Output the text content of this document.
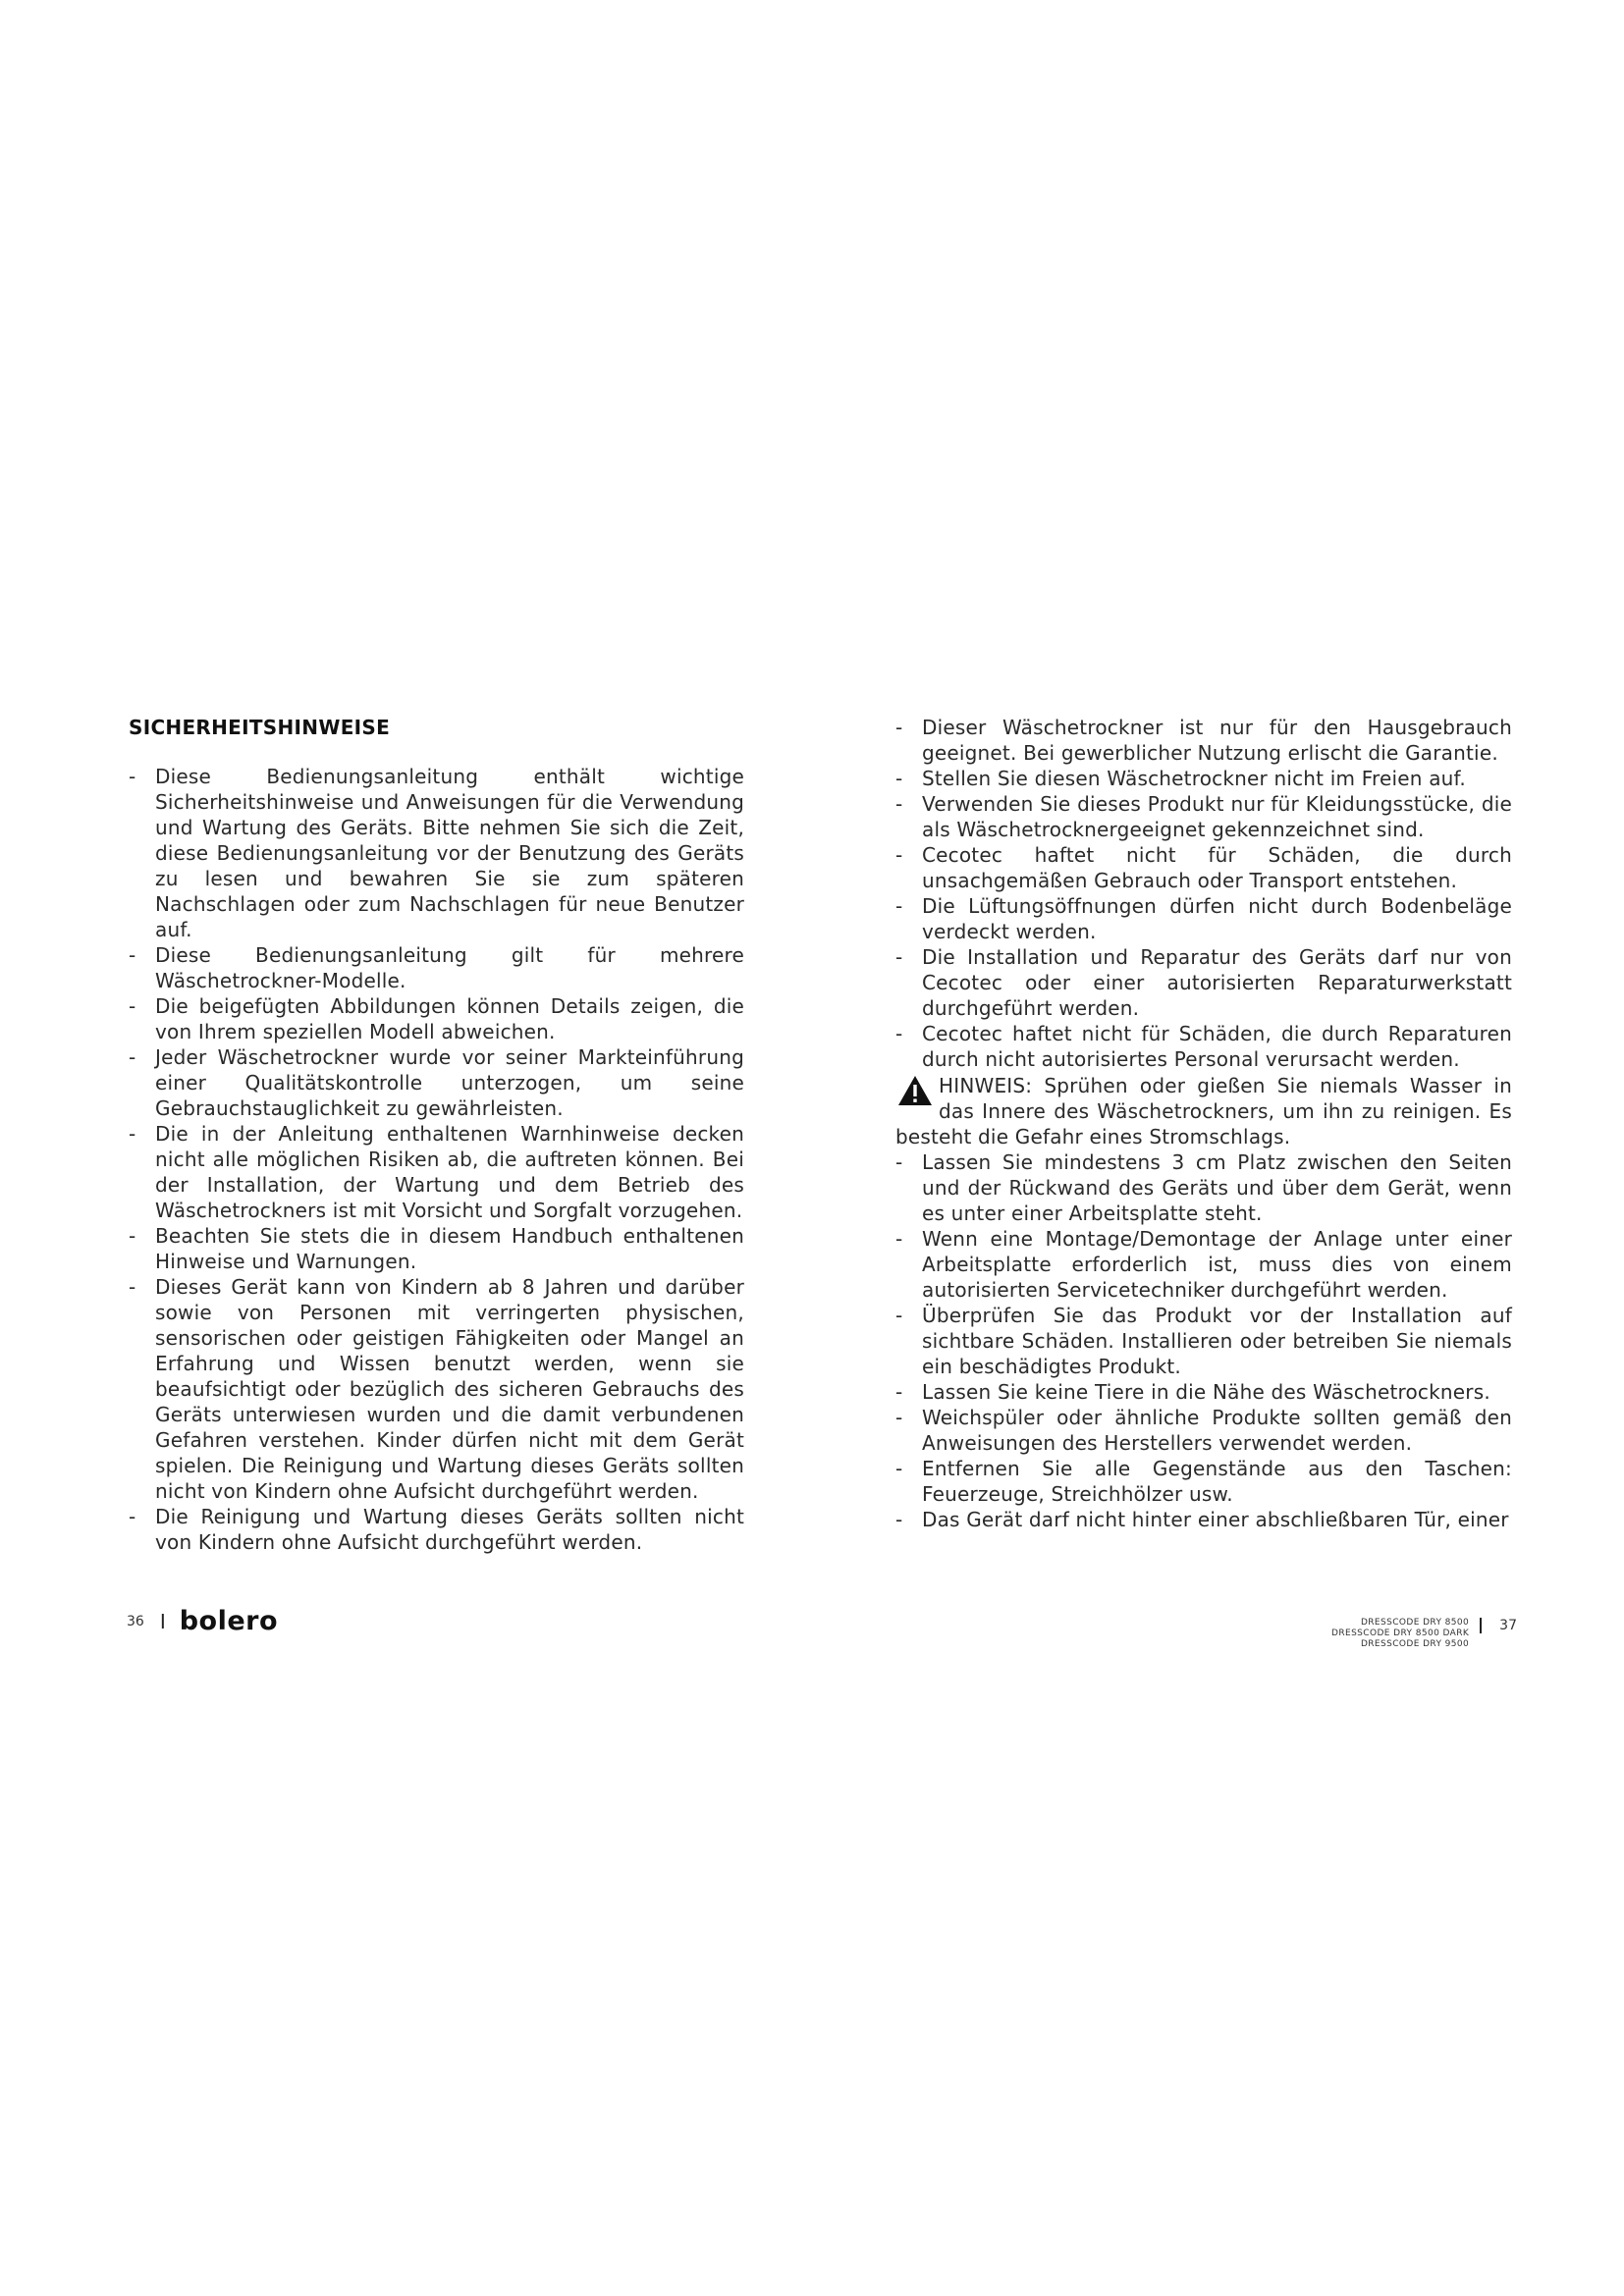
SICHERHEITSHINWEISE
- Diese Bedienungsanleitung enthält wichtige Sicherheitshinweise und Anweisungen für die Verwendung und Wartung des Geräts. Bitte nehmen Sie sich die Zeit, diese Bedienungsanleitung vor der Benutzung des Geräts zu lesen und bewahren Sie sie zum späteren Nachschlagen oder zum Nachschlagen für neue Benutzer auf.
- Diese Bedienungsanleitung gilt für mehrere Wäschetrockner-Modelle.
- Die beigefügten Abbildungen können Details zeigen, die von Ihrem speziellen Modell abweichen.
- Jeder Wäschetrockner wurde vor seiner Markteinführung einer Qualitätskontrolle unterzogen, um seine Gebrauchstauglichkeit zu gewährleisten.
- Die in der Anleitung enthaltenen Warnhinweise decken nicht alle möglichen Risiken ab, die auftreten können. Bei der Installation, der Wartung und dem Betrieb des Wäschetrockners ist mit Vorsicht und Sorgfalt vorzugehen.
- Beachten Sie stets die in diesem Handbuch enthaltenen Hinweise und Warnungen.
- Dieses Gerät kann von Kindern ab 8 Jahren und darüber sowie von Personen mit verringerten physischen, sensorischen oder geistigen Fähigkeiten oder Mangel an Erfahrung und Wissen benutzt werden, wenn sie beaufsichtigt oder bezüglich des sicheren Gebrauchs des Geräts unterwiesen wurden und die damit verbundenen Gefahren verstehen. Kinder dürfen nicht mit dem Gerät spielen. Die Reinigung und Wartung dieses Geräts sollten nicht von Kindern ohne Aufsicht durchgeführt werden.
- Die Reinigung und Wartung dieses Geräts sollten nicht von Kindern ohne Aufsicht durchgeführt werden.
- Dieser Wäschetrockner ist nur für den Hausgebrauch geeignet. Bei gewerblicher Nutzung erlischt die Garantie.
- Stellen Sie diesen Wäschetrockner nicht im Freien auf.
- Verwenden Sie dieses Produkt nur für Kleidungsstücke, die als Wäschetrocknergeeignet gekennzeichnet sind.
- Cecotec haftet nicht für Schäden, die durch unsachgemäßen Gebrauch oder Transport entstehen.
- Die Lüftungsöffnungen dürfen nicht durch Bodenbeläge verdeckt werden.
- Die Installation und Reparatur des Geräts darf nur von Cecotec oder einer autorisierten Reparaturwerkstatt durchgeführt werden.
- Cecotec haftet nicht für Schäden, die durch Reparaturen durch nicht autorisiertes Personal verursacht werden.
HINWEIS: Sprühen oder gießen Sie niemals Wasser in das Innere des Wäschetrockners, um ihn zu reinigen. Es besteht die Gefahr eines Stromschlags.
- Lassen Sie mindestens 3 cm Platz zwischen den Seiten und der Rückwand des Geräts und über dem Gerät, wenn es unter einer Arbeitsplatte steht.
- Wenn eine Montage/Demontage der Anlage unter einer Arbeitsplatte erforderlich ist, muss dies von einem autorisierten Servicetechniker durchgeführt werden.
- Überprüfen Sie das Produkt vor der Installation auf sichtbare Schäden. Installieren oder betreiben Sie niemals ein beschädigtes Produkt.
- Lassen Sie keine Tiere in die Nähe des Wäschetrockners.
- Weichspüler oder ähnliche Produkte sollten gemäß den Anweisungen des Herstellers verwendet werden.
- Entfernen Sie alle Gegenstände aus den Taschen: Feuerzeuge, Streichhölzer usw.
- Das Gerät darf nicht hinter einer abschließbaren Tür, einer
36 I bolero	DRESSCODE DRY 8500
DRESSCODE DRY 8500 DARK
DRESSCODE DRY 9500
37
